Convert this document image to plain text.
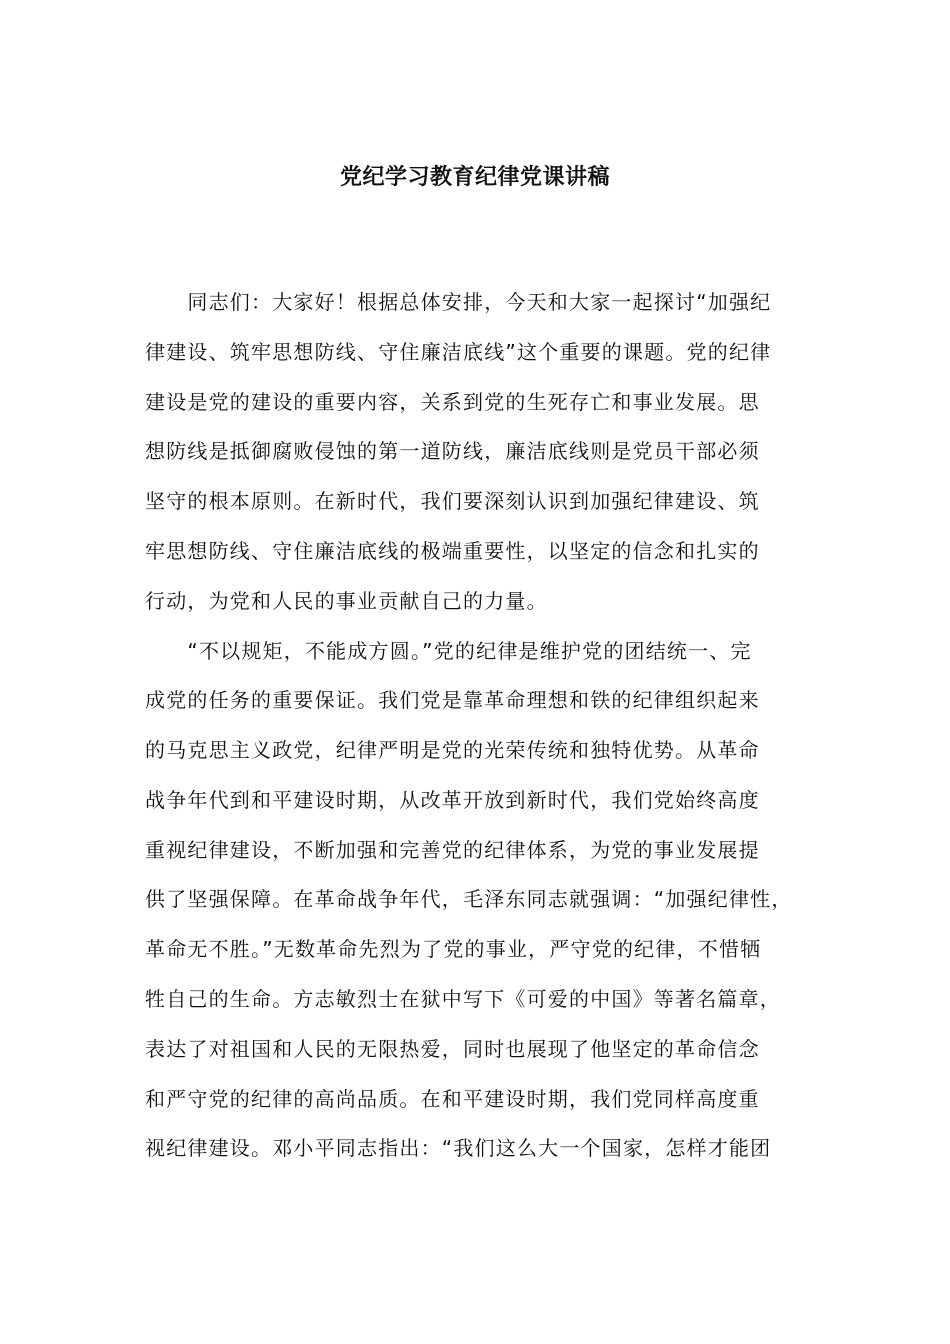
党纪学习教育纪律党课讲稿

　　同志们：大家好！根据总体安排，今天和大家一起探讨“加强纪

律建设、筑牢思想防线、守住廉洁底线”这个重要的课题。党的纪律

建设是党的建设的重要内容，关系到党的生死存亡和事业发展。思

想防线是抵御腐败侵蚀的第一道防线，廉洁底线则是党员干部必须

坚守的根本原则。在新时代，我们要深刻认识到加强纪律建设、筑

牢思想防线、守住廉洁底线的极端重要性，以坚定的信念和扎实的

行动，为党和人民的事业贡献自己的力量。

　　“不以规矩，不能成方圆。”党的纪律是维护党的团结统一、完

成党的任务的重要保证。我们党是靠革命理想和铁的纪律组织起来

的马克思主义政党，纪律严明是党的光荣传统和独特优势。从革命

战争年代到和平建设时期，从改革开放到新时代，我们党始终高度

重视纪律建设，不断加强和完善党的纪律体系，为党的事业发展提

供了坚强保障。在革命战争年代，毛泽东同志就强调：“加强纪律性，

革命无不胜。”无数革命先烈为了党的事业，严守党的纪律，不惜牺

牲自己的生命。方志敏烈士在狱中写下《可爱的中国》等著名篇章，

表达了对祖国和人民的无限热爱，同时也展现了他坚定的革命信念

和严守党的纪律的高尚品质。在和平建设时期，我们党同样高度重

视纪律建设。邓小平同志指出：“我们这么大一个国家，怎样才能团
